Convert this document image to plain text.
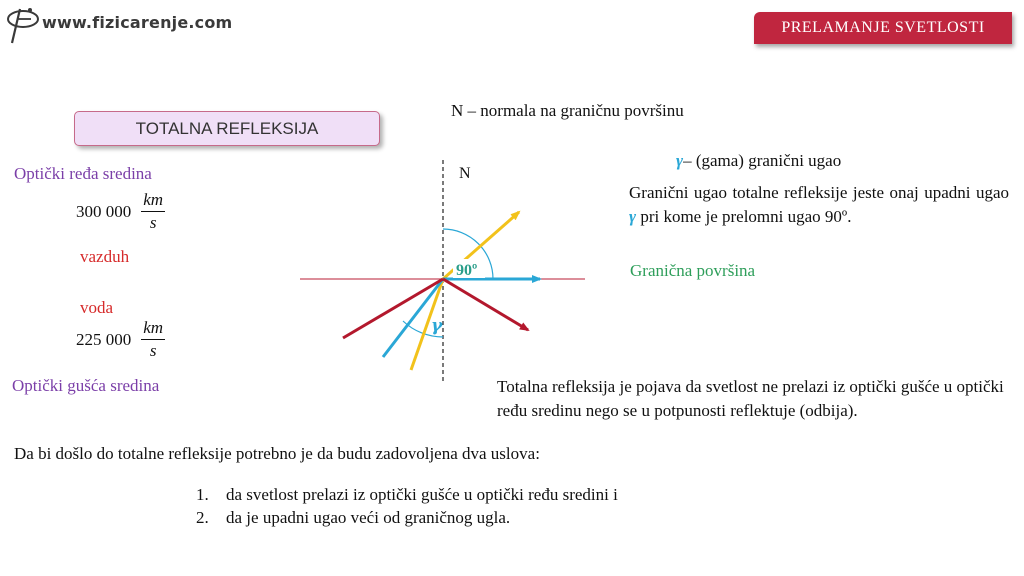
www.fizicarenje.com	PRELAMANJE SVETLOSTI
TOTALNA REFLEKSIJA
N – normala na graničnu površinu
Optički ređa sredina
300 $000 \frac{km}{s}$
vazduh
voda
225 $000 \frac{km}{s}$
Optički gušća sredina
N
90º
γ
γ– (gama) granični ugao
Granični ugao totalne refleksije jeste onaj upadni ugao γ pri kome je prelomni ugao 90º.
Granična površina
Totalna refleksija je pojava da svetlost ne prelazi iz optički gušće u optički ređu sredinu nego se u potpunosti reflektuje (odbija).
Da bi došlo do totalne refleksije potrebno je da budu zadovoljena dva uslova:
1.	da svetlost prelazi iz optički gušće u optički ređu sredini i
2.	da je upadni ugao veći od graničnog ugla.
